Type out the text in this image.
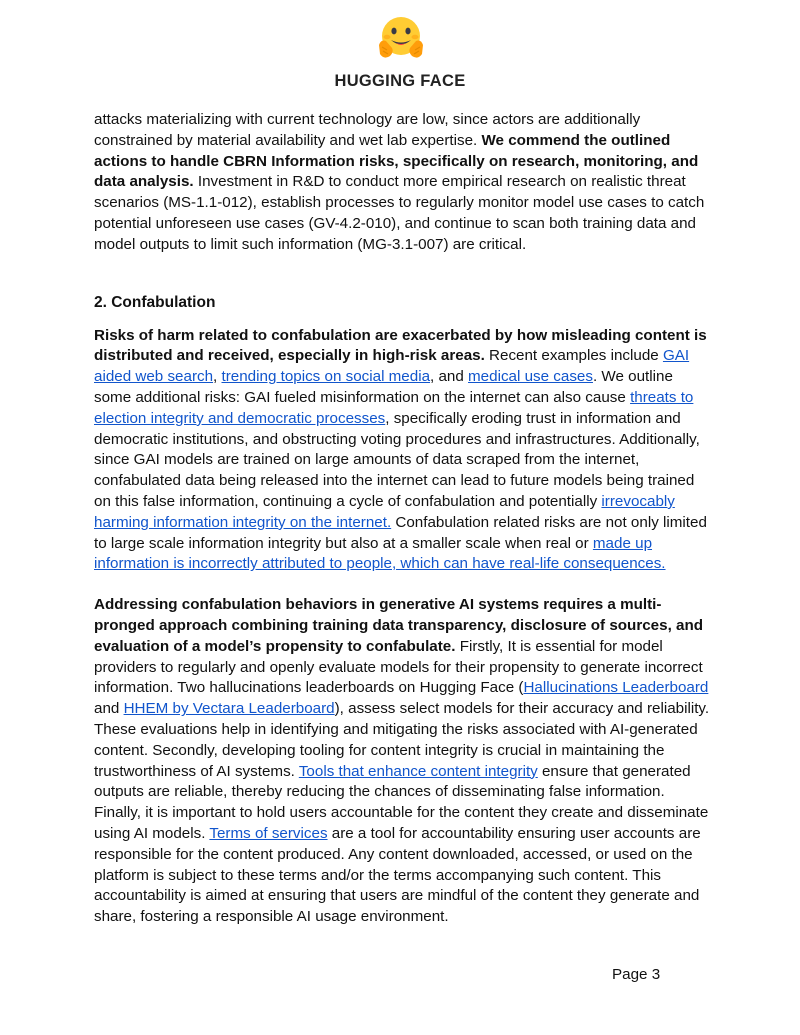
HUGGING FACE

attacks materializing with current technology are low, since actors are additionally constrained by material availability and wet lab expertise. We commend the outlined actions to handle CBRN Information risks, specifically on research, monitoring, and data analysis. Investment in R&D to conduct more empirical research on realistic threat scenarios (MS-1.1-012), establish processes to regularly monitor model use cases to catch potential unforeseen use cases (GV-4.2-010), and continue to scan both training data and model outputs to limit such information (MG-3.1-007) are critical.

2. Confabulation

Risks of harm related to confabulation are exacerbated by how misleading content is distributed and received, especially in high-risk areas. Recent examples include GAI aided web search, trending topics on social media, and medical use cases. We outline some additional risks: GAI fueled misinformation on the internet can also cause threats to election integrity and democratic processes, specifically eroding trust in information and democratic institutions, and obstructing voting procedures and infrastructures. Additionally, since GAI models are trained on large amounts of data scraped from the internet, confabulated data being released into the internet can lead to future models being trained on this false information, continuing a cycle of confabulation and potentially irrevocably harming information integrity on the internet. Confabulation related risks are not only limited to large scale information integrity but also at a smaller scale when real or made up information is incorrectly attributed to people, which can have real-life consequences.

Addressing confabulation behaviors in generative AI systems requires a multi-pronged approach combining training data transparency, disclosure of sources, and evaluation of a model’s propensity to confabulate. Firstly, It is essential for model providers to regularly and openly evaluate models for their propensity to generate incorrect information. Two hallucinations leaderboards on Hugging Face (Hallucinations Leaderboard and HHEM by Vectara Leaderboard), assess select models for their accuracy and reliability. These evaluations help in identifying and mitigating the risks associated with AI-generated content. Secondly, developing tooling for content integrity is crucial in maintaining the trustworthiness of AI systems. Tools that enhance content integrity ensure that generated outputs are reliable, thereby reducing the chances of disseminating false information. Finally, it is important to hold users accountable for the content they create and disseminate using AI models. Terms of services are a tool for accountability ensuring user accounts are responsible for the content produced. Any content downloaded, accessed, or used on the platform is subject to these terms and/or the terms accompanying such content. This accountability is aimed at ensuring that users are mindful of the content they generate and share, fostering a responsible AI usage environment.

Page 3
